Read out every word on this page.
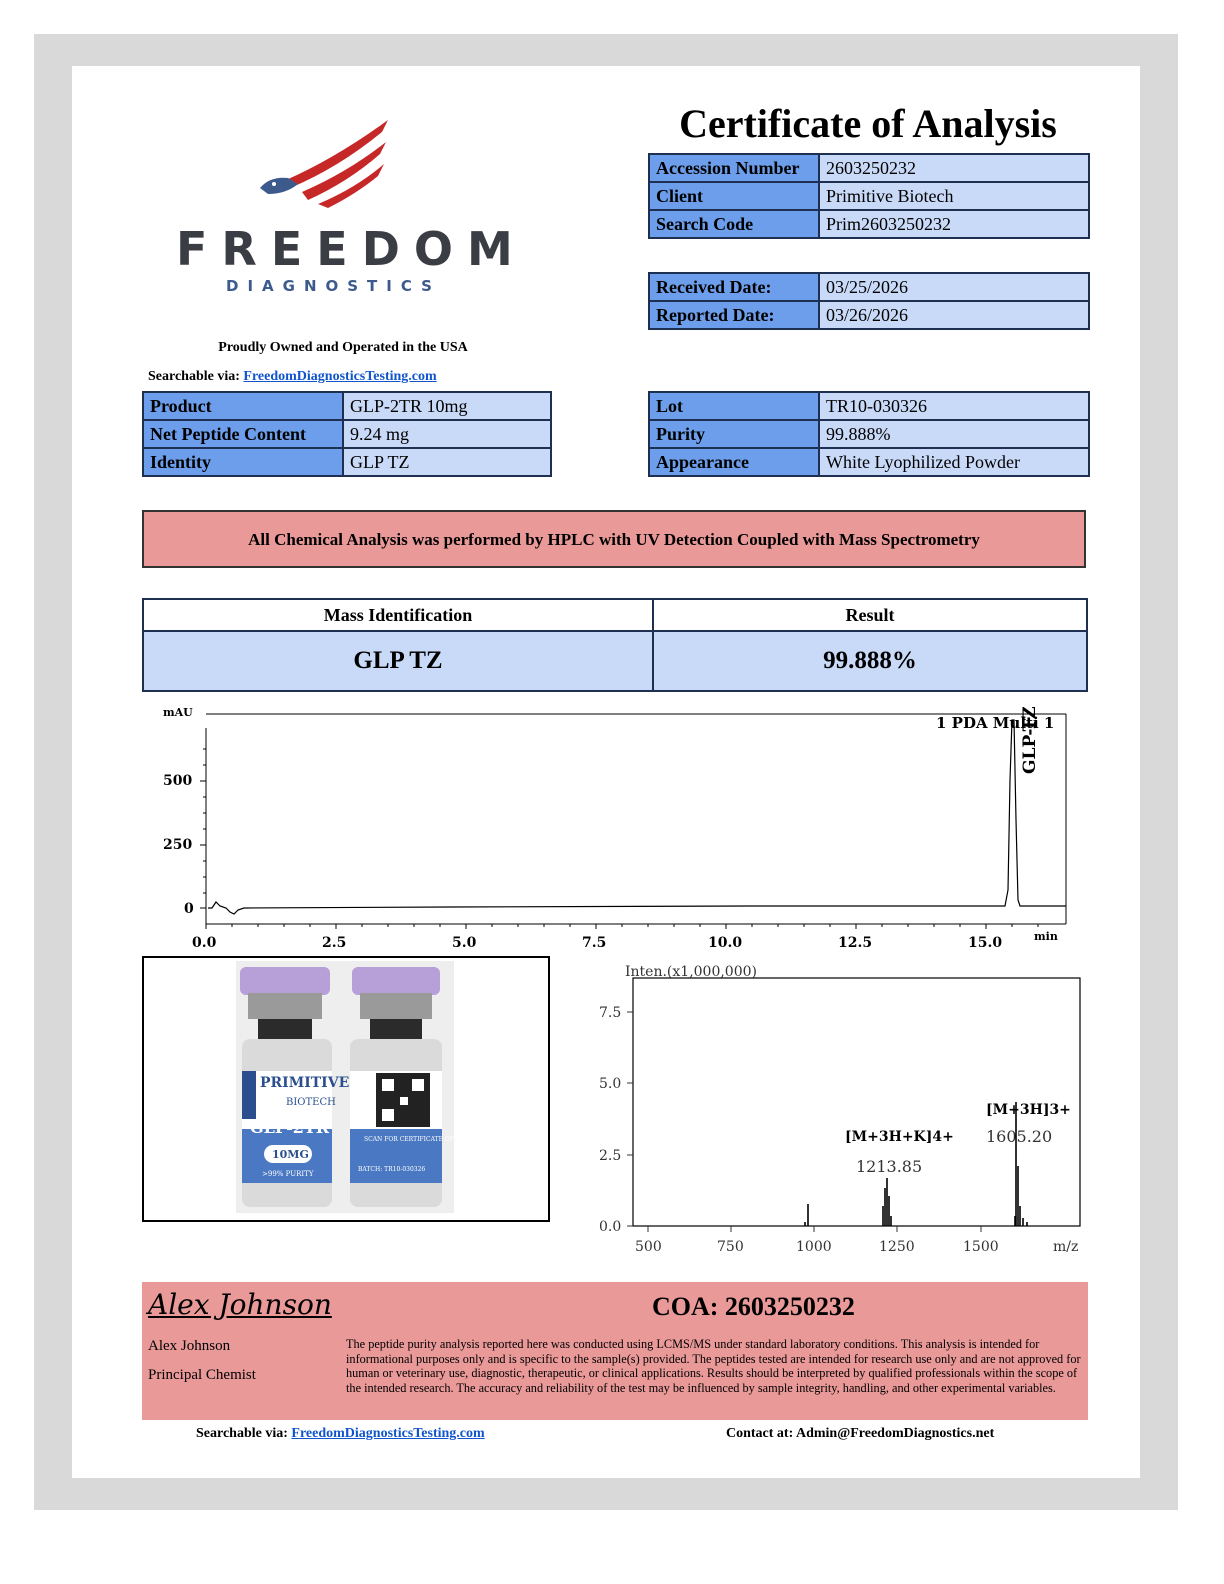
FREEDOM
DIAGNOSTICS
Proudly Owned and Operated in the USA
Searchable via: FreedomDiagnosticsTesting.com
Certificate of Analysis
Accession Number	2603250232
Client	Primitive Biotech
Search Code	Prim2603250232
Received Date:	03/25/2026
Reported Date:	03/26/2026
Product	GLP-2TR 10mg
Net Peptide Content	9.24 mg
Identity	GLP TZ
Lot	TR10-030326
Purity	99.888%
Appearance	White Lyophilized Powder
All Chemical Analysis was performed by HPLC with UV Detection Coupled with Mass Spectrometry
Mass Identification	Result
GLP TZ	99.888%
mAU
min
1 PDA Multi 1
GLP-TZ
500
250
0
0.0	2.5	5.0	7.5	10.0	12.5	15.0
PRIMITIVE
BIOTECH
GLP-2TR
10MG
>99% PURITY
SCAN FOR CERTIFICATE OF ANALYSIS
BATCH: TR10-030326
Inten.(x1,000,000)
m/z
7.5
5.0
2.5
0.0
500	750	1000	1250	1500
[M+3H+K]4+
1213.85
[M+3H]3+
1605.20
Alex Johnson	COA: 2603250232
Alex Johnson
Principal Chemist
The peptide purity analysis reported here was conducted using LCMS/MS under standard laboratory conditions. This analysis is intended for informational purposes only and is specific to the sample(s) provided. The peptides tested are intended for research use only and are not approved for human or veterinary use, diagnostic, therapeutic, or clinical applications. Results should be interpreted by qualified professionals within the scope of the intended research. The accuracy and reliability of the test may be influenced by sample integrity, handling, and other experimental variables.
Searchable via: FreedomDiagnosticsTesting.com	Contact at: Admin@FreedomDiagnostics.net
